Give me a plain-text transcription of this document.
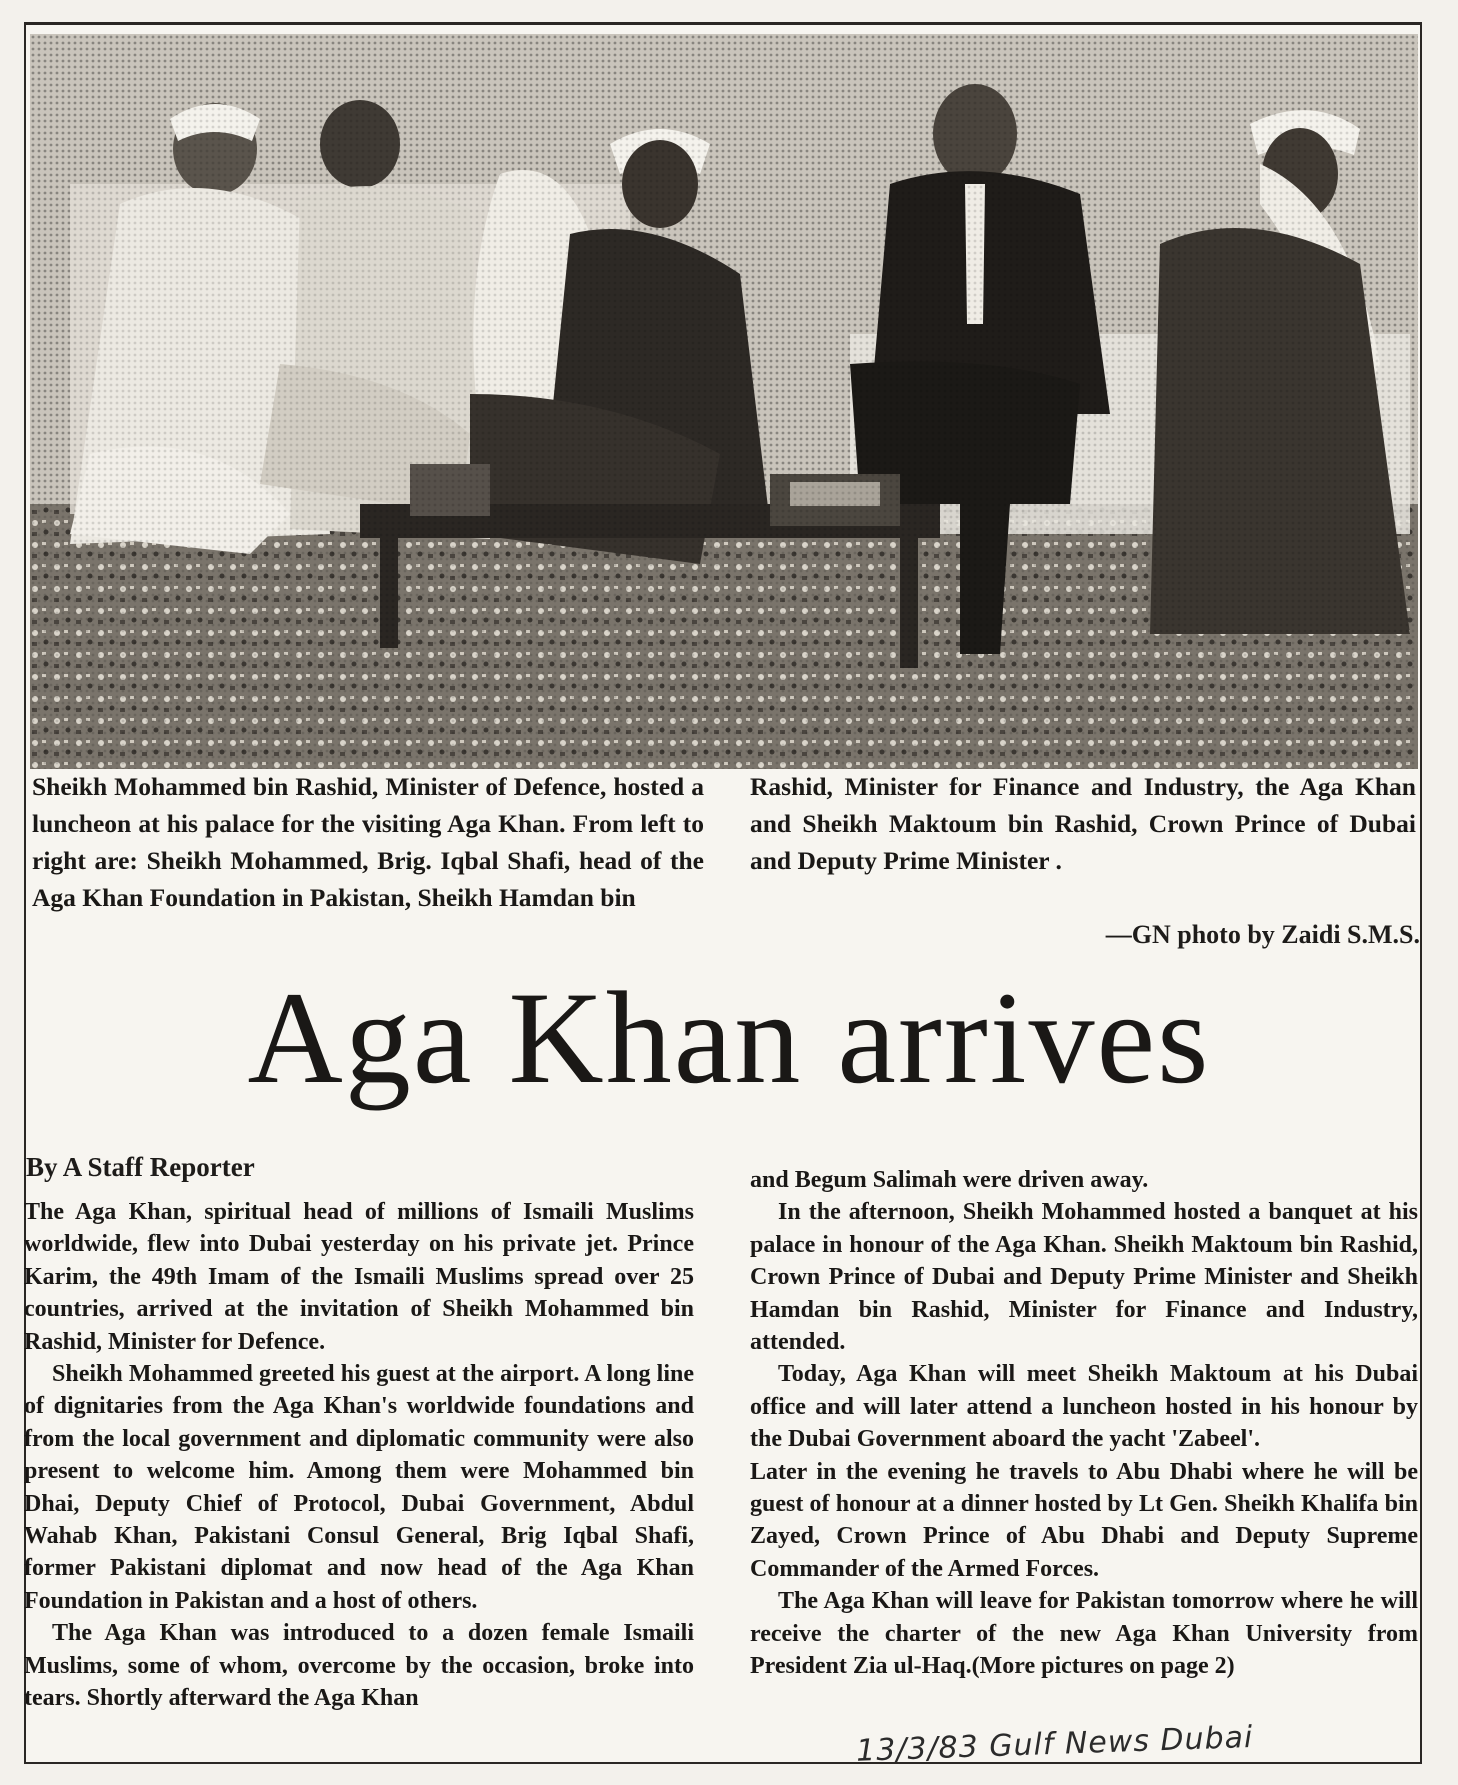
Sheikh Mohammed bin Rashid, Minister of Defence, hosted a luncheon at his palace for the visiting Aga Khan. From left to right are: Sheikh Mohammed, Brig. Iqbal Shafi, head of the Aga Khan Foundation in Pakistan, Sheikh Hamdan bin
Rashid, Minister for Finance and Industry, the Aga Khan and Sheikh Maktoum bin Rashid, Crown Prince of Dubai and Deputy Prime Minister .
—GN photo by Zaidi S.M.S.
Aga Khan arrives
By A Staff Reporter

The Aga Khan, spiritual head of millions of Ismaili Muslims worldwide, flew into Dubai yesterday on his private jet. Prince Karim, the 49th Imam of the Ismaili Muslims spread over 25 countries, arrived at the invitation of Sheikh Mohammed bin Rashid, Minister for Defence.

Sheikh Mohammed greeted his guest at the airport. A long line of dignitaries from the Aga Khan's worldwide foundations and from the local government and diplomatic community were also present to welcome him. Among them were Mohammed bin Dhai, Deputy Chief of Protocol, Dubai Government, Abdul Wahab Khan, Pakistani Consul General, Brig Iqbal Shafi, former Pakistani diplomat and now head of the Aga Khan Foundation in Pakistan and a host of others.

The Aga Khan was introduced to a dozen female Ismaili Muslims, some of whom, overcome by the occasion, broke into tears. Shortly afterward the Aga Khan

and Begum Salimah were driven away.

In the afternoon, Sheikh Mohammed hosted a banquet at his palace in honour of the Aga Khan. Sheikh Maktoum bin Rashid, Crown Prince of Dubai and Deputy Prime Minister and Sheikh Hamdan bin Rashid, Minister for Finance and Industry, attended.

Today, Aga Khan will meet Sheikh Maktoum at his Dubai office and will later attend a luncheon hosted in his honour by the Dubai Government aboard the yacht 'Zabeel'.

Later in the evening he travels to Abu Dhabi where he will be guest of honour at a dinner hosted by Lt Gen. Sheikh Khalifa bin Zayed, Crown Prince of Abu Dhabi and Deputy Supreme Commander of the Armed Forces.

The Aga Khan will leave for Pakistan tomorrow where he will receive the charter of the new Aga Khan University from President Zia ul-Haq.(More pictures on page 2)

13/3/83 Gulf News Dubai
